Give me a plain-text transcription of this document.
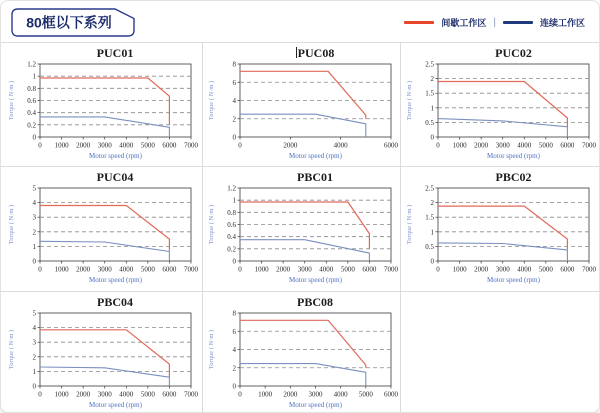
80框以下系列	间歇工作区 |	连续工作区
PUC01
0
0.2
0.4
0.6
0.8
1
1.2
0 1000 2000 3000 4000 5000 6000 7000
Motor speed (rpm)
Torque ( N·m )
PUC08
0
2
4
6
8
0	2000	4000	6000
Motor speed (rpm)
Torque ( N·m )
PUC02
0
0.5
1
1.5
2
2.5
0 1000 2000 3000 4000 5000 6000 7000
Motor speed (rpm)
Torque ( N·m )
PUC04
0
1
2
3
4
5
0 1000 2000 3000 4000 5000 6000 7000
Motor speed (rpm)
Torque ( N·m )
PBC01
0
0.2
0.4
0.6
0.8
1
1.2
0 1000 2000 3000 4000 5000 6000 7000
Motor speed (rpm)
Torque ( N·m )
PBC02
0
0.5
1
1.5
2
2.5
0 1000 2000 3000 4000 5000 6000 7000
Motor speed (rpm)
Torque ( N·m )
PBC04
0
1
2
3
4
5
0 1000 2000 3000 4000 5000 6000 7000
Motor speed (rpm)
Torque ( N·m )
PBC08
0
2
4
6
8
0 1000 2000 3000 4000 5000 6000
Motor speed (rpm)
Torque ( N·m )
